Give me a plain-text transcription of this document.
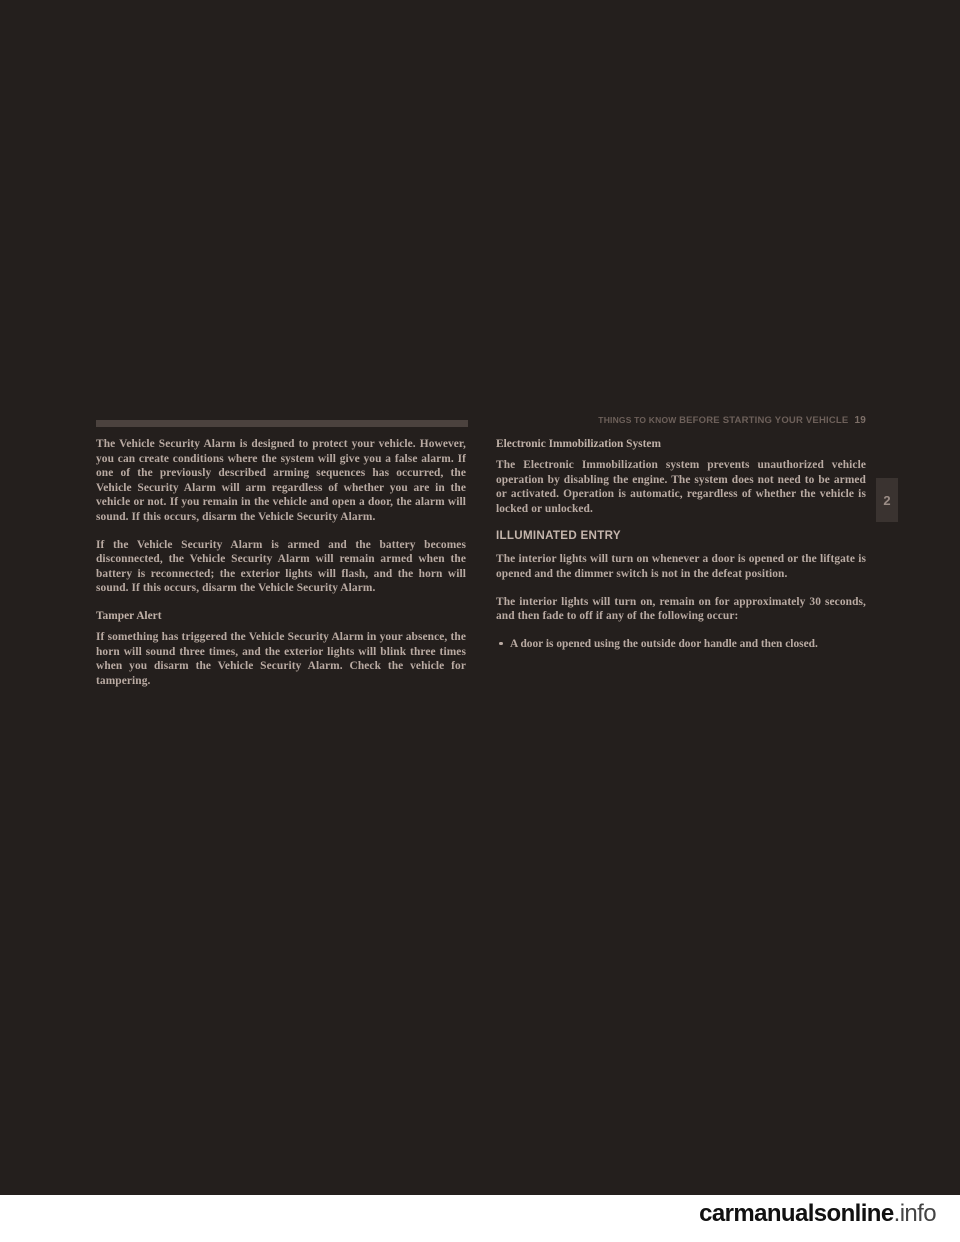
THINGS TO KNOW BEFORE STARTING YOUR VEHICLE 19

The Vehicle Security Alarm is designed to protect your vehicle. However, you can create conditions where the system will give you a false alarm. If one of the previously described arming sequences has occurred, the Vehicle Security Alarm will arm regardless of whether you are in the vehicle or not. If you remain in the vehicle and open a door, the alarm will sound. If this occurs, disarm the Vehicle Security Alarm.

If the Vehicle Security Alarm is armed and the battery becomes disconnected, the Vehicle Security Alarm will remain armed when the battery is reconnected; the exterior lights will flash, and the horn will sound. If this occurs, disarm the Vehicle Security Alarm.

Tamper Alert

If something has triggered the Vehicle Security Alarm in your absence, the horn will sound three times, and the exterior lights will blink three times when you disarm the Vehicle Security Alarm. Check the vehicle for tampering.

Electronic Immobilization System

The Electronic Immobilization system prevents unauthorized vehicle operation by disabling the engine. The system does not need to be armed or activated. Operation is automatic, regardless of whether the vehicle is locked or unlocked.

ILLUMINATED ENTRY

The interior lights will turn on whenever a door is opened or the liftgate is opened and the dimmer switch is not in the defeat position.

The interior lights will turn on, remain on for approximately 30 seconds, and then fade to off if any of the following occur:

A door is opened using the outside door handle and then closed.
2
carmanualsonline.info
